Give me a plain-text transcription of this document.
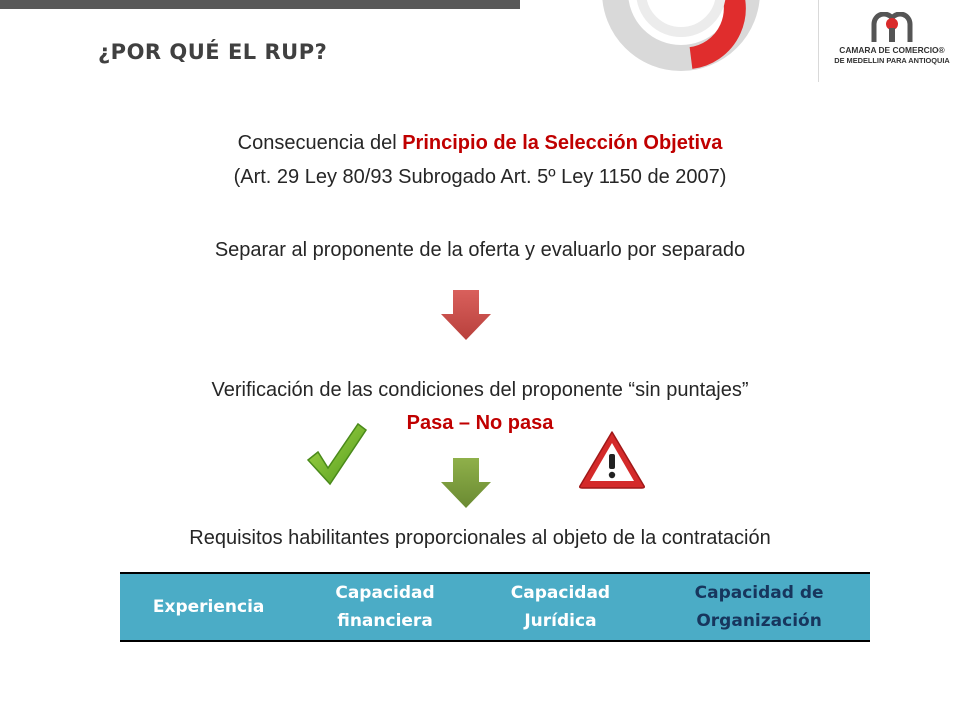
¿POR QUÉ EL RUP?	CAMARA DE COMERCIO®
DE MEDELLIN PARA ANTIOQUIA
Consecuencia del Principio de la Selección Objetiva
(Art. 29 Ley 80/93 Subrogado Art. 5º Ley 1150 de 2007)
Separar al proponente de la oferta y evaluarlo por separado
Verificación de las condiciones del proponente “sin puntajes”
Pasa – No pasa
Requisitos habilitantes proporcionales al objeto de la contratación
Experiencia	Capacidad financiera	Capacidad Jurídica	Capacidad de Organización
